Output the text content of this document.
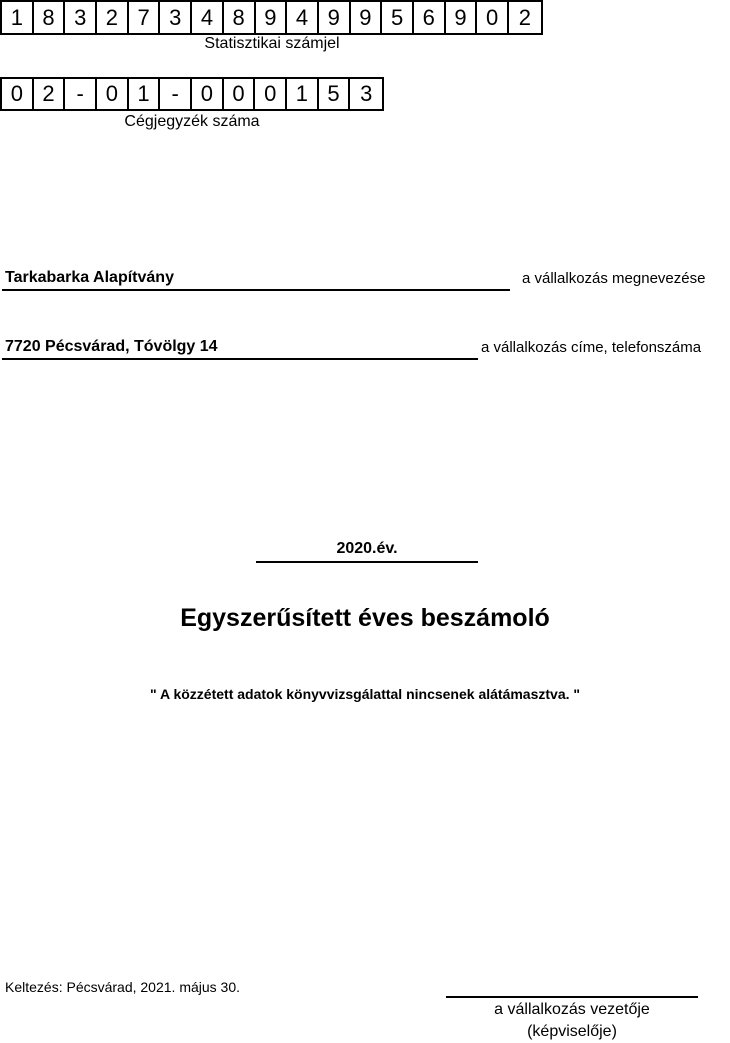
1 8 3 2 7 3 4 8 9 4 9 9 5 6 9 0 2
Statisztikai számjel
0 2 - 0 1 - 0 0 0 1 5 3
Cégjegyzék száma
Tarkabarka Alapítvány	a vállalkozás megnevezése
7720 Pécsvárad, Tóvölgy 14	a vállalkozás címe, telefonszáma
2020.év.
Egyszerűsített éves beszámoló
" A közzétett adatok könyvvizsgálattal nincsenek alátámasztva. "
Keltezés: Pécsvárad, 2021. május 30.
a vállalkozás vezetője
(képviselője)
